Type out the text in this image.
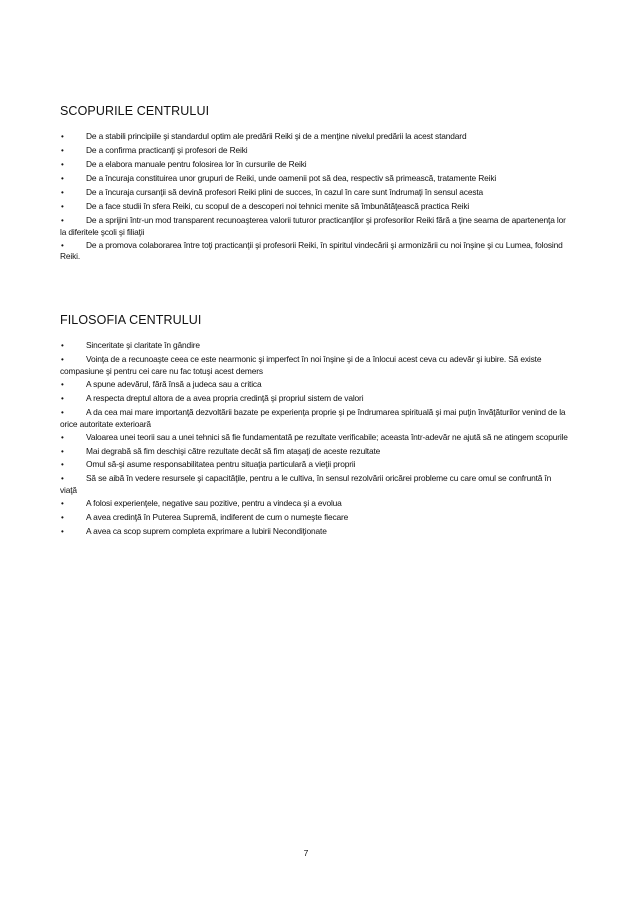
SCOPURILE CENTRULUI
•	De a stabili principiile şi standardul optim ale predării Reiki şi de a menţine nivelul predării la acest standard
•	De a confirma practicanţi şi profesori de Reiki
•	De a elabora manuale pentru folosirea lor în cursurile de Reiki
•	De a încuraja constituirea unor grupuri de Reiki, unde oamenii pot să dea, respectiv să primească, tratamente Reiki
•	De a încuraja cursanţii să devină profesori Reiki plini de succes, în cazul în care sunt îndrumaţi în sensul acesta
•	De a face studii în sfera Reiki, cu scopul de a descoperi noi tehnici menite să îmbunătăţească practica Reiki
•	De a sprijini într-un mod transparent recunoaşterea valorii tuturor practicanţilor şi profesorilor Reiki fără a ţine seama de apartenenţa lor la diferitele şcoli şi filiaţii
•	De a promova colaborarea între toţi practicanţii şi profesorii Reiki, în spiritul vindecării şi armonizării cu noi înşine şi cu Lumea, folosind Reiki.
FILOSOFIA CENTRULUI
•	Sinceritate şi claritate în gândire
•	Voinţa de a recunoaşte ceea ce este nearmonic şi imperfect în noi înşine şi de a înlocui acest ceva cu adevăr şi iubire. Să existe compasiune şi pentru cei care nu fac totuşi acest demers
•	A spune adevărul, fără însă a judeca sau a critica
•	A respecta dreptul altora de a avea propria credinţă şi propriul sistem de valori
•	A da cea mai mare importanţă dezvoltării bazate pe experienţa proprie şi pe îndrumarea spirituală şi mai puţin învăţăturilor venind de la orice autoritate exterioară
•	Valoarea unei teorii sau a unei tehnici să fie fundamentată pe rezultate verificabile; aceasta într-adevăr ne ajută să ne atingem scopurile
•	Mai degrabă să fim deschişi către rezultate decât să fim ataşaţi de aceste rezultate
•	Omul să-şi asume responsabilitatea pentru situaţia particulară a vieţii proprii
•	Să se aibă în vedere resursele şi capacităţile, pentru a le cultiva, în sensul rezolvării oricărei probleme cu care omul se confruntă în viaţă
•	A folosi experienţele, negative sau pozitive, pentru a vindeca şi a evolua
•	A avea credinţă în Puterea Supremă, indiferent de cum o numeşte fiecare
•	A avea ca scop suprem completa exprimare a Iubirii Necondiţionate
7
